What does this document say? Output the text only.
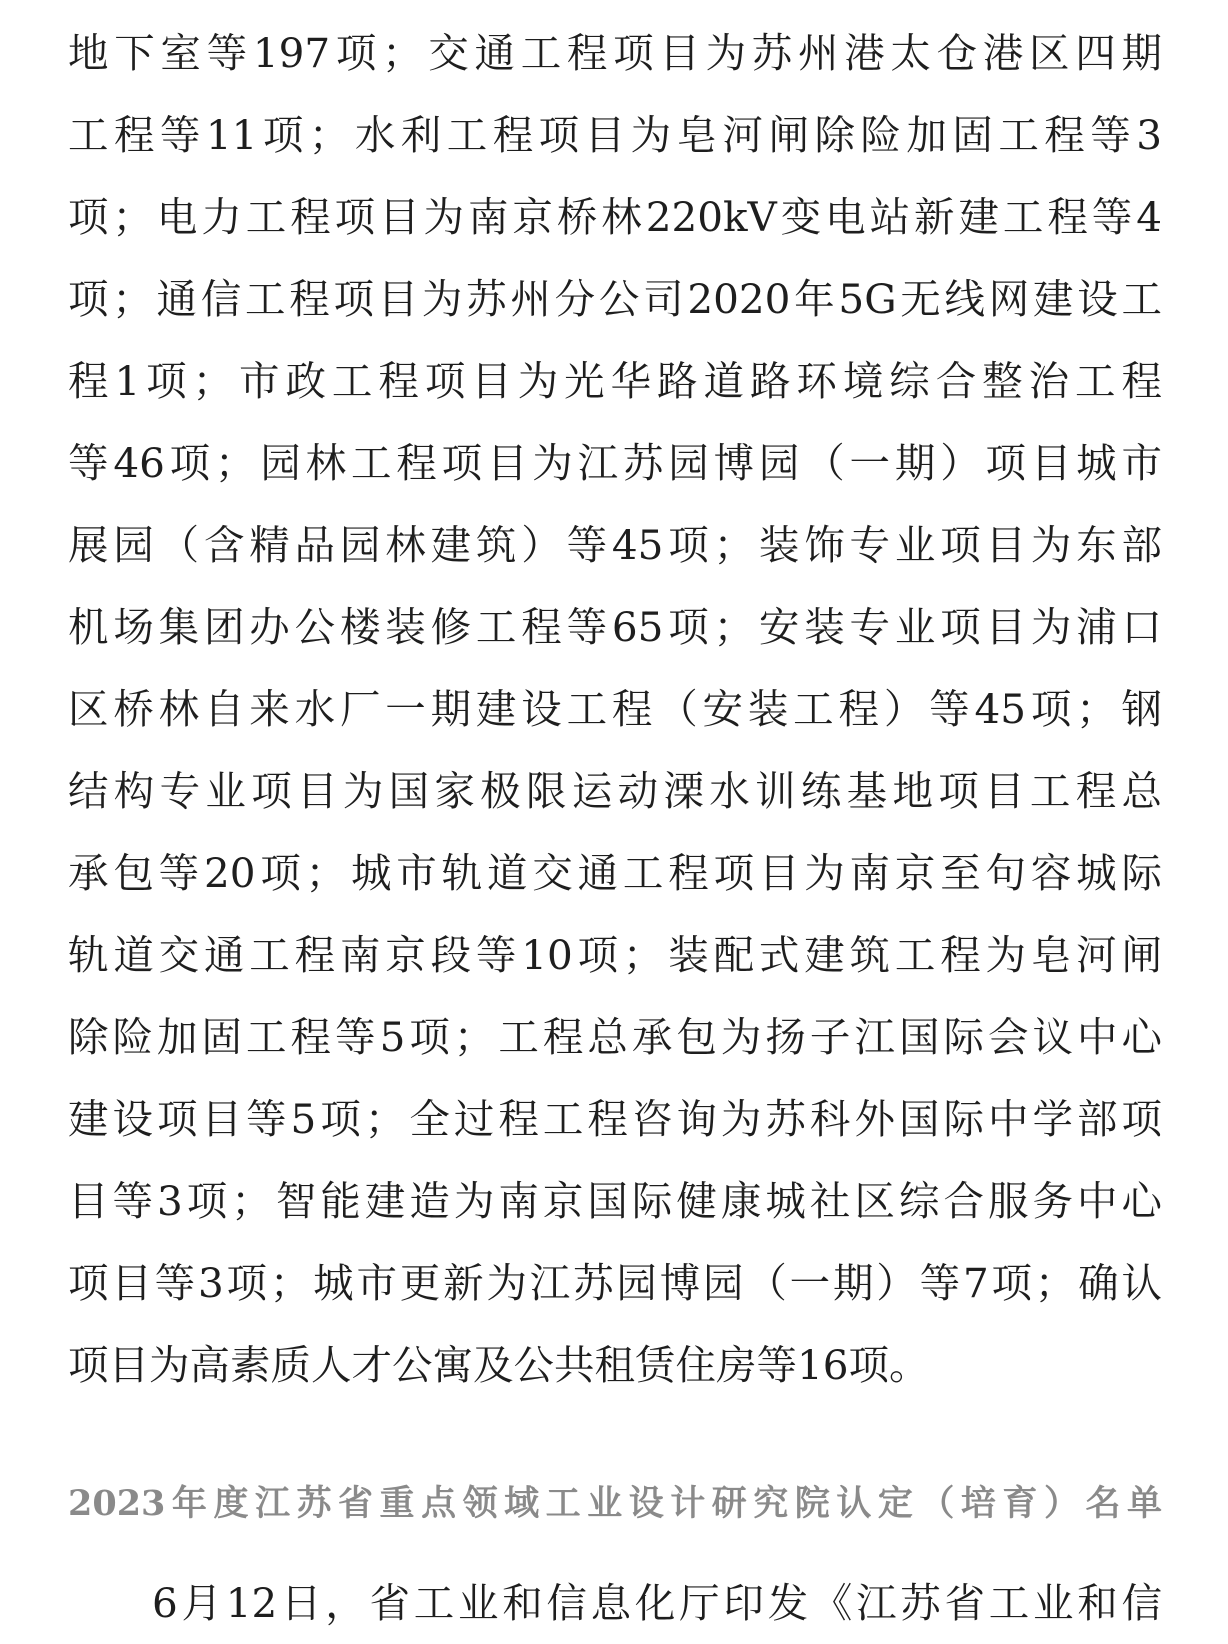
地下室等197项；交通工程项目为苏州港太仓港区四期
工程等11项；水利工程项目为皂河闸除险加固工程等3
项；电力工程项目为南京桥林220kV变电站新建工程等4
项；通信工程项目为苏州分公司2020年5G无线网建设工
程1项；市政工程项目为光华路道路环境综合整治工程
等46项；园林工程项目为江苏园博园（一期）项目城市
展园（含精品园林建筑）等45项；装饰专业项目为东部
机场集团办公楼装修工程等65项；安装专业项目为浦口
区桥林自来水厂一期建设工程（安装工程）等45项；钢
结构专业项目为国家极限运动溧水训练基地项目工程总
承包等20项；城市轨道交通工程项目为南京至句容城际
轨道交通工程南京段等10项；装配式建筑工程为皂河闸
除险加固工程等5项；工程总承包为扬子江国际会议中心
建设项目等5项；全过程工程咨询为苏科外国际中学部项
目等3项；智能建造为南京国际健康城社区综合服务中心
项目等3项；城市更新为江苏园博园（一期）等7项；确认
项目为高素质人才公寓及公共租赁住房等16项。
2023年度江苏省重点领域工业设计研究院认定（培育）名单
6月12日，省工业和信息化厅印发《江苏省工业和信
